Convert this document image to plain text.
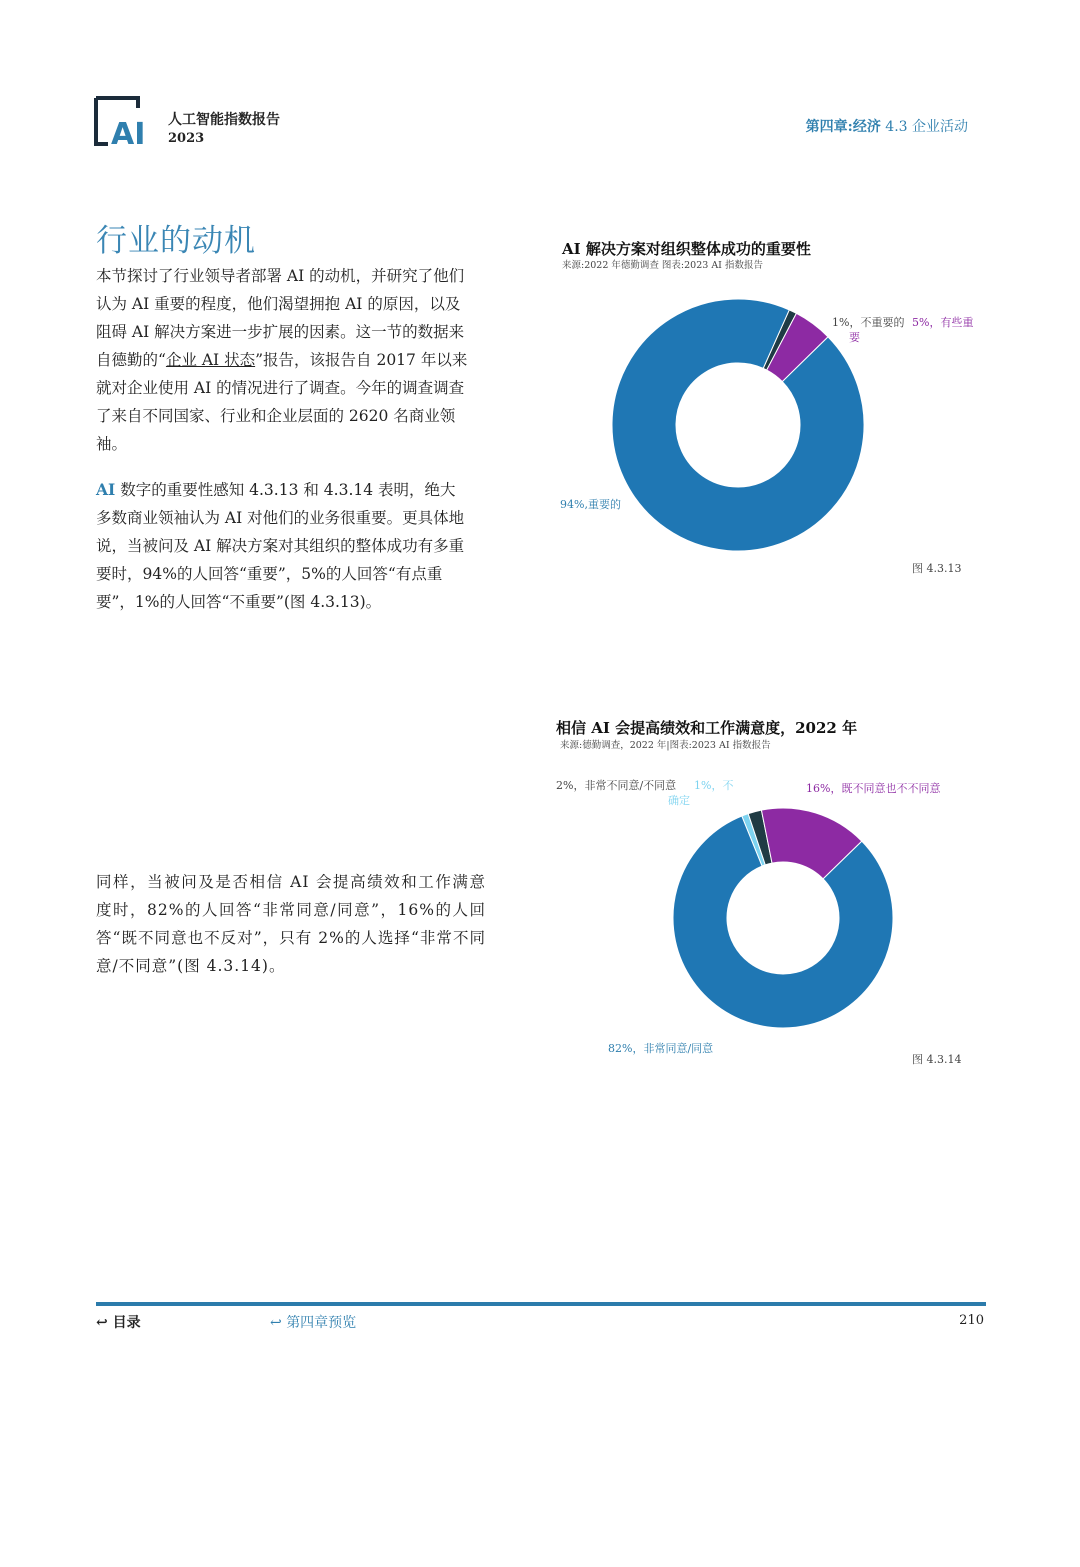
AI 人工智能指数报告
2023
第四章:经济 4.3 企业活动
行业的动机
本节探讨了行业领导者部署 AI 的动机，并研究了他们认为 AI 重要的程度，他们渴望拥抱 AI 的原因，以及阻碍 AI 解决方案进一步扩展的因素。这一节的数据来自德勤的“企业 AI 状态”报告，该报告自 2017 年以来就对企业使用 AI 的情况进行了调查。今年的调查调查了来自不同国家、行业和企业层面的 2620 名商业领袖。
AI 数字的重要性感知 4.3.13 和 4.3.14 表明，绝大多数商业领袖认为 AI 对他们的业务很重要。更具体地说，当被问及 AI 解决方案对其组织的整体成功有多重要时，94%的人回答“重要”，5%的人回答“有点重要”，1%的人回答“不重要”(图 4.3.13)。
同样，当被问及是否相信 AI 会提高绩效和工作满意度时，82%的人回答“非常同意/同意”，16%的人回答“既不同意也不反对”，只有 2%的人选择“非常不同意/不同意”(图 4.3.14)。
AI 解决方案对组织整体成功的重要性
来源:2022 年德勤调查 图表:2023 AI 指数报告
1%，不重要的 5%，有些重
要
94%,重要的
图 4.3.13
相信 AI 会提高绩效和工作满意度，2022 年
来源:德勤调查，2022 年|图表:2023 AI 指数报告
2%，非常不同意/不同意 1%，不
确定
16%，既不同意也不不同意
82%，非常同意/同意
图 4.3.14
↩ 目录	↩ 第四章预览	210
